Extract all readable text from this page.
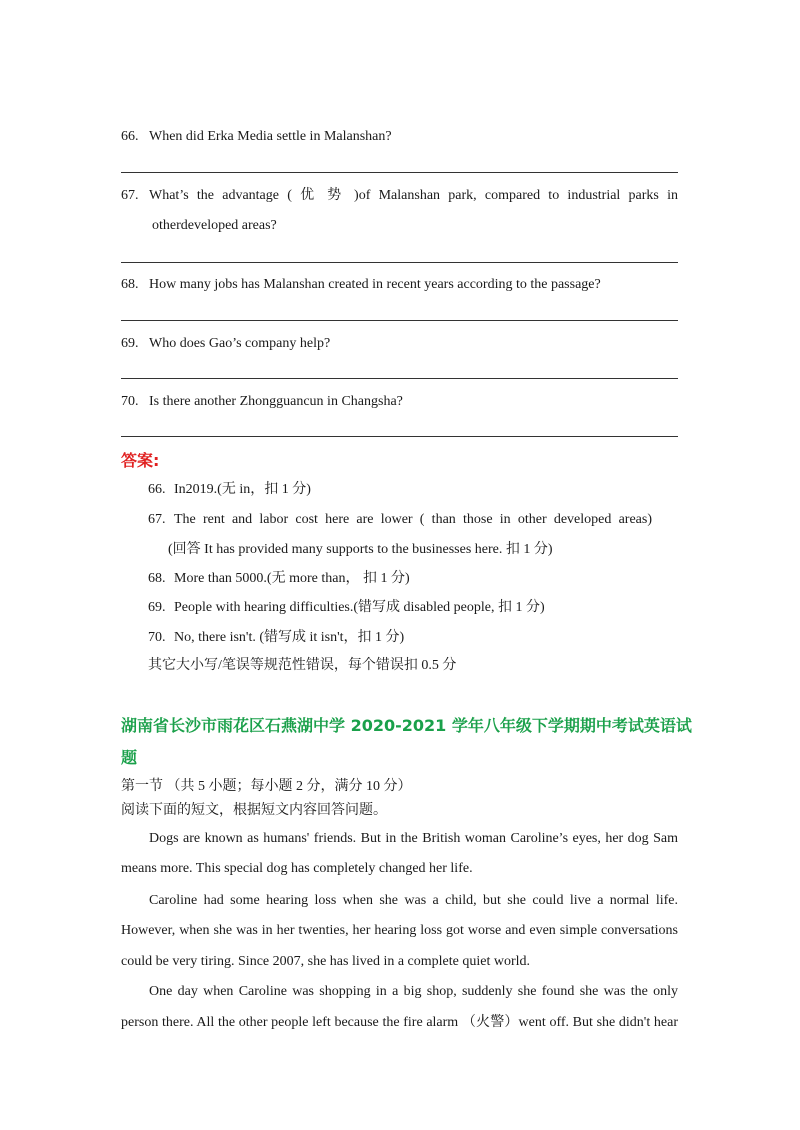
66. When did Erka Media settle in Malanshan?
67. What’s the advantage ( 优 势 )of Malanshan park, compared to industrial parks in
otherdeveloped areas?
68. How many jobs has Malanshan created in recent years according to the passage?
69. Who does Gao’s company help?
70. Is there another Zhongguancun in Changsha?
答案:
66. In2019.(无 in，扣 1 分)
67. The rent and labor cost here are lower ( than those in other developed areas)
(回答 It has provided many supports to the businesses here. 扣 1 分)
68. More than 5000.(无 more than， 扣 1 分)
69. People with hearing difficulties.(错写成 disabled people, 扣 1 分)
70. No, there isn't. (错写成 it isn't，扣 1 分)
其它大小写/笔误等规范性错误，每个错误扣 0.5 分
湖南省长沙市雨花区石燕湖中学 2020-2021 学年八年级下学期期中考试英语试
题
第一节 （共 5 小题；每小题 2 分，满分 10 分）
阅读下面的短文，根据短文内容回答问题。
Dogs are known as humans' friends. But in the British woman Caroline’s eyes, her dog Sam
means more. This special dog has completely changed her life.
Caroline had some hearing loss when she was a child, but she could live a normal life.
However, when she was in her twenties, her hearing loss got worse and even simple conversations
could be very tiring. Since 2007, she has lived in a complete quiet world.
One day when Caroline was shopping in a big shop, suddenly she found she was the only
person there. All the other people left because the fire alarm （火警）went off. But she didn't hear
